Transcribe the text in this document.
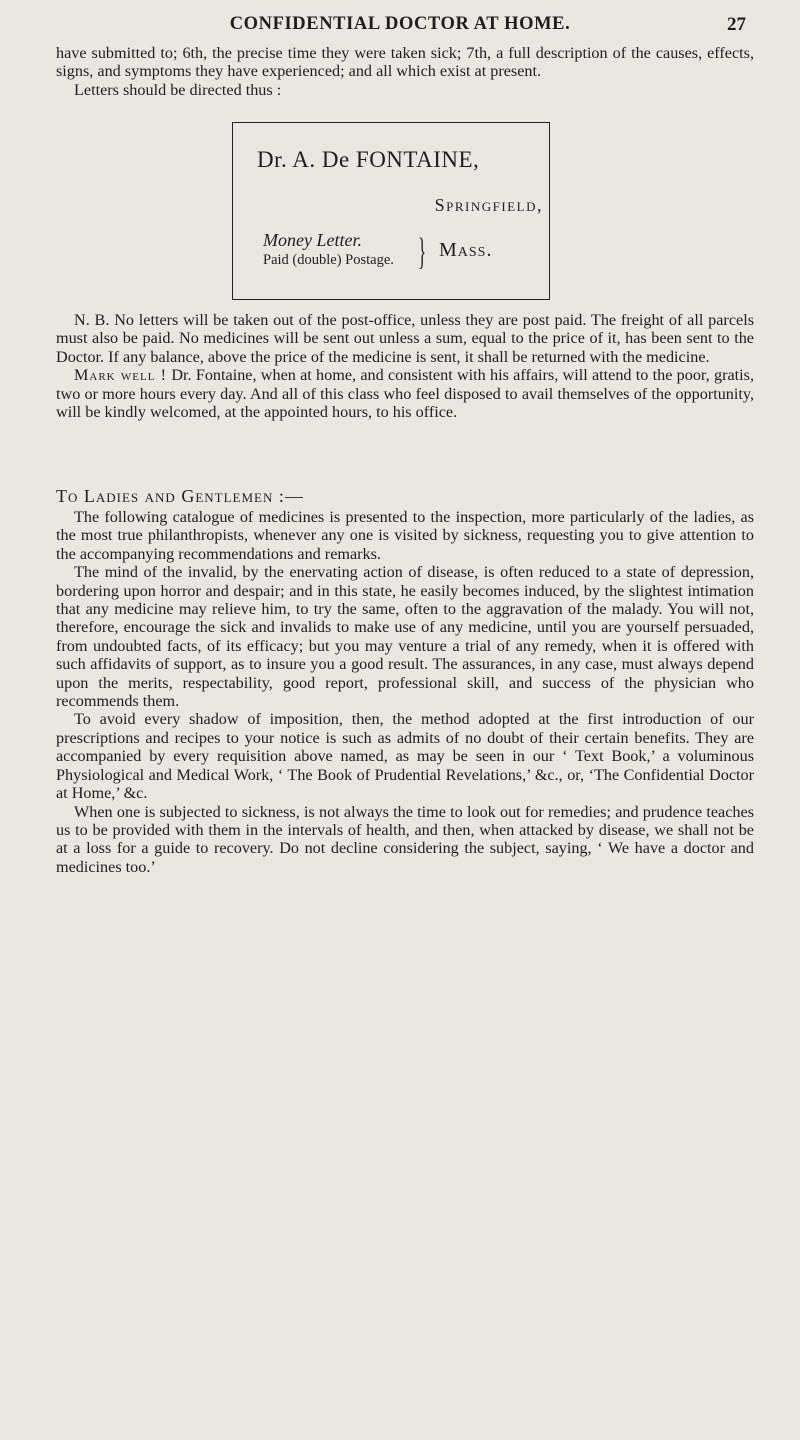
CONFIDENTIAL DOCTOR AT HOME.	27

have submitted to; 6th, the precise time they were taken sick; 7th, a full description of the causes, effects, signs, and symptoms they have experienced; and all which exist at present.

Letters should be directed thus :

Dr. A. De FONTAINE,
Springfield,
Money Letter.
Paid (double) Postage. } Mass.

N. B. No letters will be taken out of the post-office, unless they are post paid. The freight of all parcels must also be paid. No medicines will be sent out unless a sum, equal to the price of it, has been sent to the Doctor. If any balance, above the price of the medicine is sent, it shall be returned with the medicine.

Mark well ! Dr. Fontaine, when at home, and consistent with his affairs, will attend to the poor, gratis, two or more hours every day. And all of this class who feel disposed to avail themselves of the opportunity, will be kindly welcomed, at the appointed hours, to his office.

To Ladies and Gentlemen :—

The following catalogue of medicines is presented to the inspection, more particularly of the ladies, as the most true philanthropists, whenever any one is visited by sickness, requesting you to give attention to the accompanying recommendations and remarks.

The mind of the invalid, by the enervating action of disease, is often reduced to a state of depression, bordering upon horror and despair; and in this state, he easily becomes induced, by the slightest intimation that any medicine may relieve him, to try the same, often to the aggravation of the malady. You will not, therefore, encourage the sick and invalids to make use of any medicine, until you are yourself persuaded, from undoubted facts, of its efficacy; but you may venture a trial of any remedy, when it is offered with such affidavits of support, as to insure you a good result. The assurances, in any case, must always depend upon the merits, respectability, good report, professional skill, and success of the physician who recommends them.

To avoid every shadow of imposition, then, the method adopted at the first introduction of our prescriptions and recipes to your notice is such as admits of no doubt of their certain benefits. They are accompanied by every requisition above named, as may be seen in our ‘ Text Book,’ a voluminous Physiological and Medical Work, ‘ The Book of Prudential Revelations,’ &c., or, ‘The Confidential Doctor at Home,’ &c.

When one is subjected to sickness, is not always the time to look out for remedies; and prudence teaches us to be provided with them in the intervals of health, and then, when attacked by disease, we shall not be at a loss for a guide to recovery. Do not decline considering the subject, saying, ‘ We have a doctor and medicines too.’
